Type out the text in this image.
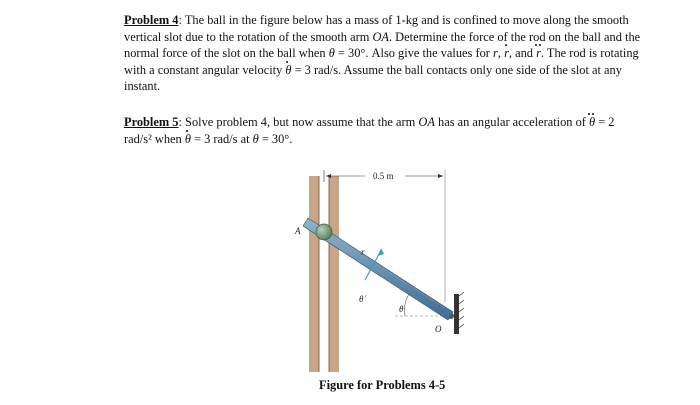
Problem 4: The ball in the figure below has a mass of 1-kg and is confined to move along the smooth vertical slot due to the rotation of the smooth arm OA. Determine the force of the rod on the ball and the normal force of the slot on the ball when θ = 30°. Also give the values for r, r, and r. The rod is rotating with a constant angular velocity θ = 3 rad/s. Assume the ball contacts only one side of the slot at any instant.
Problem 5: Solve problem 4, but now assume that the arm OA has an angular acceleration of θ = 2 rad/s² when θ = 3 rad/s at θ = 30°.
0.5 m
A
O
r
θ̇
θ
Figure for Problems 4-5
